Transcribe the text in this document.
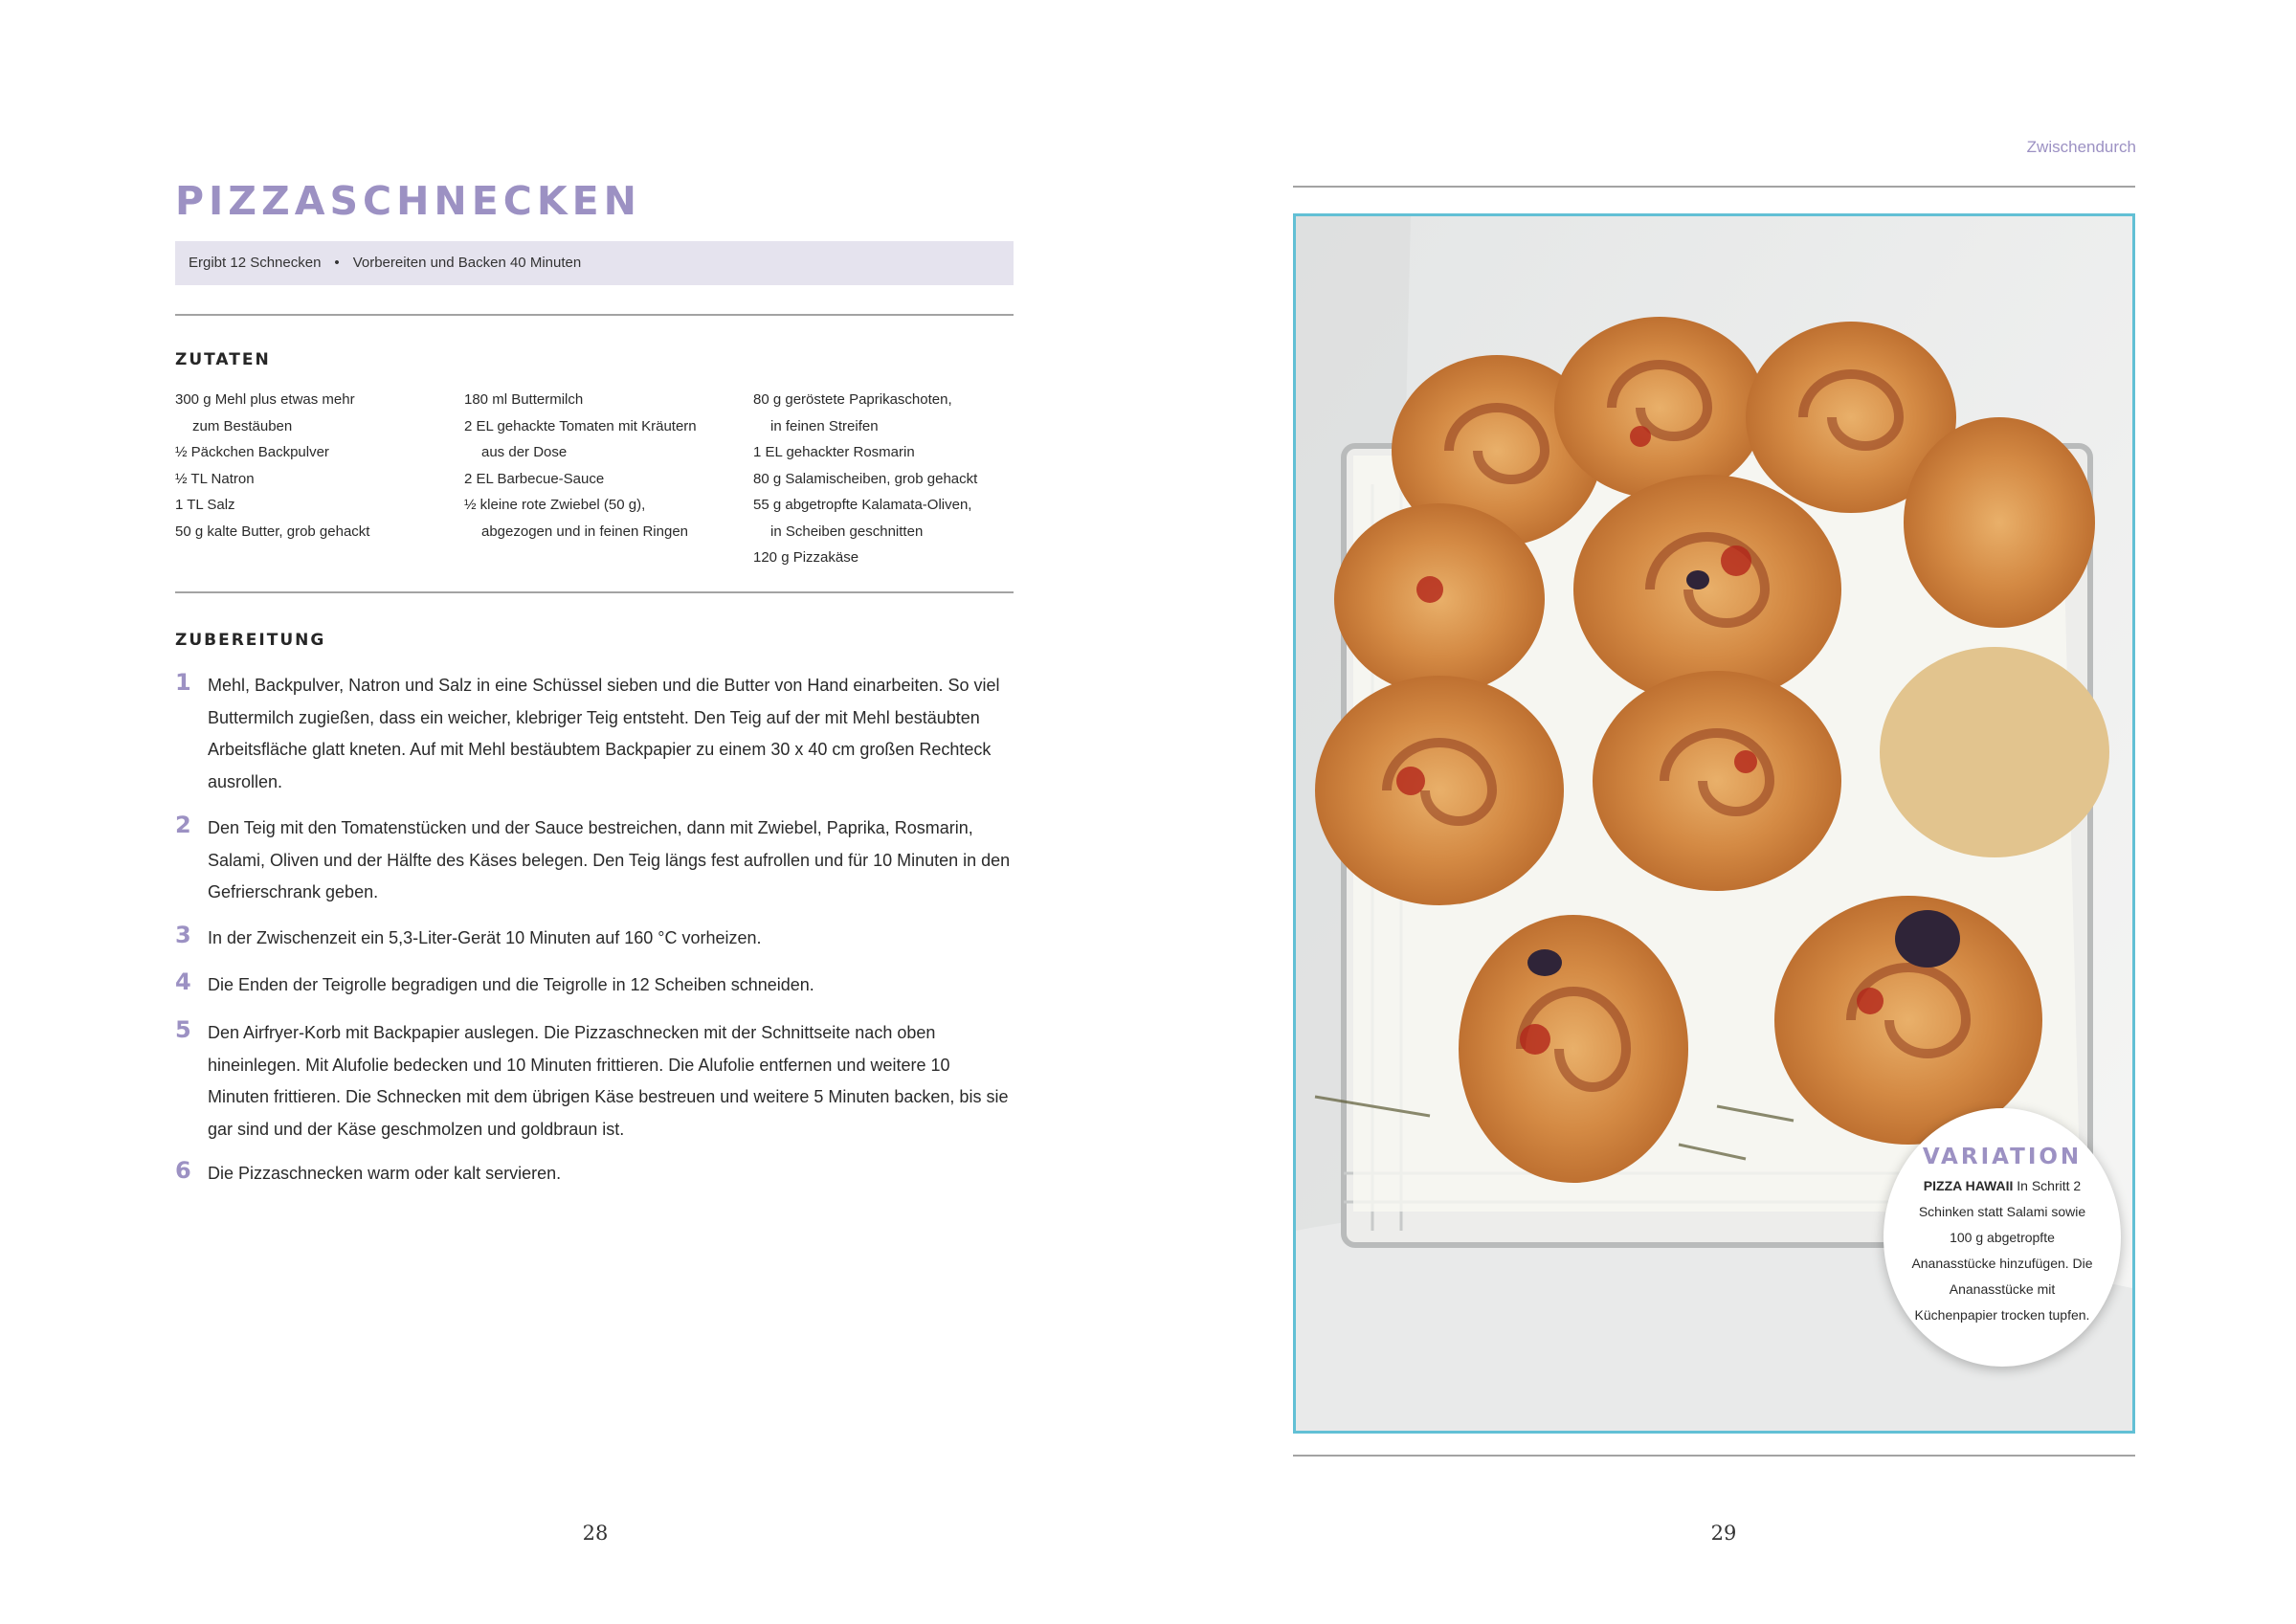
PIZZASCHNECKEN
Ergibt 12 Schnecken • Vorbereiten und Backen 40 Minuten
ZUTATEN
300 g Mehl plus etwas mehr
zum Bestäuben
½ Päckchen Backpulver
½ TL Natron
1 TL Salz
50 g kalte Butter, grob gehackt
180 ml Buttermilch
2 EL gehackte Tomaten mit Kräutern
aus der Dose
2 EL Barbecue-Sauce
½ kleine rote Zwiebel (50 g),
abgezogen und in feinen Ringen
80 g geröstete Paprikaschoten,
in feinen Streifen
1 EL gehackter Rosmarin
80 g Salamischeiben, grob gehackt
55 g abgetropfte Kalamata-Oliven,
in Scheiben geschnitten
120 g Pizzakäse
ZUBEREITUNG
1 Mehl, Backpulver, Natron und Salz in eine Schüssel sieben und die Butter von Hand einarbeiten. So viel Buttermilch zugießen, dass ein weicher, klebriger Teig entsteht. Den Teig auf der mit Mehl bestäubten Arbeitsfläche glatt kneten. Auf mit Mehl bestäubtem Backpapier zu einem 30 x 40 cm großen Rechteck ausrollen.
2 Den Teig mit den Tomatenstücken und der Sauce bestreichen, dann mit Zwiebel, Paprika, Rosmarin, Salami, Oliven und der Hälfte des Käses belegen. Den Teig längs fest aufrollen und für 10 Minuten in den Gefrierschrank geben.
3 In der Zwischenzeit ein 5,3-Liter-Gerät 10 Minuten auf 160 °C vorheizen.
4 Die Enden der Teigrolle begradigen und die Teigrolle in 12 Scheiben schneiden.
5 Den Airfryer-Korb mit Backpapier auslegen. Die Pizzaschnecken mit der Schnittseite nach oben hineinlegen. Mit Alufolie bedecken und 10 Minuten frittieren. Die Alufolie entfernen und weitere 10 Minuten frittieren. Die Schnecken mit dem übrigen Käse bestreuen und weitere 5 Minuten backen, bis sie gar sind und der Käse geschmolzen und goldbraun ist.
6 Die Pizzaschnecken warm oder kalt servieren.
28
Zwischendurch
29
VARIATION
PIZZA HAWAII In Schritt 2 Schinken statt Salami sowie 100 g abgetropfte Ananasstücke hinzufügen. Die Ananasstücke mit Küchenpapier trocken tupfen.
